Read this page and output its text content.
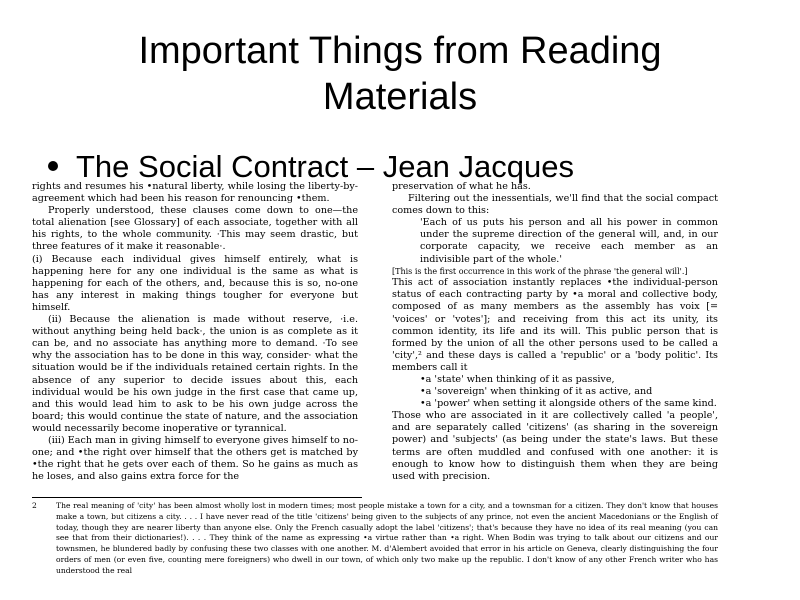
Important Things from Reading
Materials
The Social Contract – Jean Jacques

rights and resumes his •natural liberty, while losing the liberty-by-agreement which had been his reason for renouncing •them.

Properly understood, these clauses come down to one—the total alienation [see Glossary] of each associate, together with all his rights, to the whole community. ·This may seem drastic, but three features of it make it reasonable·.

(i) Because each individual gives himself entirely, what is happening here for any one individual is the same as what is happening for each of the others, and, because this is so, no-one has any interest in making things tougher for everyone but himself.

(ii) Because the alienation is made without reserve, ·i.e. without anything being held back·, the union is as complete as it can be, and no associate has anything more to demand. ·To see why the association has to be done in this way, consider· what the situation would be if the individuals retained certain rights. In the absence of any superior to decide issues about this, each individual would be his own judge in the first case that came up, and this would lead him to ask to be his own judge across the board; this would continue the state of nature, and the association would necessarily become inoperative or tyrannical.

(iii) Each man in giving himself to everyone gives himself to no-one; and •the right over himself that the others get is matched by •the right that he gets over each of them. So he gains as much as he loses, and also gains extra force for the

preservation of what he has.

Filtering out the inessentials, we'll find that the social compact comes down to this:

'Each of us puts his person and all his power in common under the supreme direction of the general will, and, in our corporate capacity, we receive each member as an indivisible part of the whole.'

[This is the first occurrence in this work of the phrase 'the general will'.]

This act of association instantly replaces •the individual-person status of each contracting party by •a moral and collective body, composed of as many members as the assembly has voix [= 'voices' or 'votes']; and receiving from this act its unity, its common identity, its life and its will. This public person that is formed by the union of all the other persons used to be called a 'city',² and these days is called a 'republic' or a 'body politic'. Its members call it

•a 'state' when thinking of it as passive,

•a 'sovereign' when thinking of it as active, and

•a 'power' when setting it alongside others of the same kind.

Those who are associated in it are collectively called 'a people', and are separately called 'citizens' (as sharing in the sovereign power) and 'subjects' (as being under the state's laws. But these terms are often muddled and confused with one another: it is enough to know how to distinguish them when they are being used with precision.

2	The real meaning of 'city' has been almost wholly lost in modern times; most people mistake a town for a city, and a townsman for a citizen. They don't know that houses make a town, but citizens a city. . . . I have never read of the title 'citizens' being given to the subjects of any prince, not even the ancient Macedonians or the English of today, though they are nearer liberty than anyone else. Only the French casually adopt the label 'citizens'; that's because they have no idea of its real meaning (you can see that from their dictionaries!). . . . They think of the name as expressing •a virtue rather than •a right. When Bodin was trying to talk about our citizens and our townsmen, he blundered badly by confusing these two classes with one another. M. d'Alembert avoided that error in his article on Geneva, clearly distinguishing the four orders of men (or even five, counting mere foreigners) who dwell in our town, of which only two make up the republic. I don't know of any other French writer who has understood the real
